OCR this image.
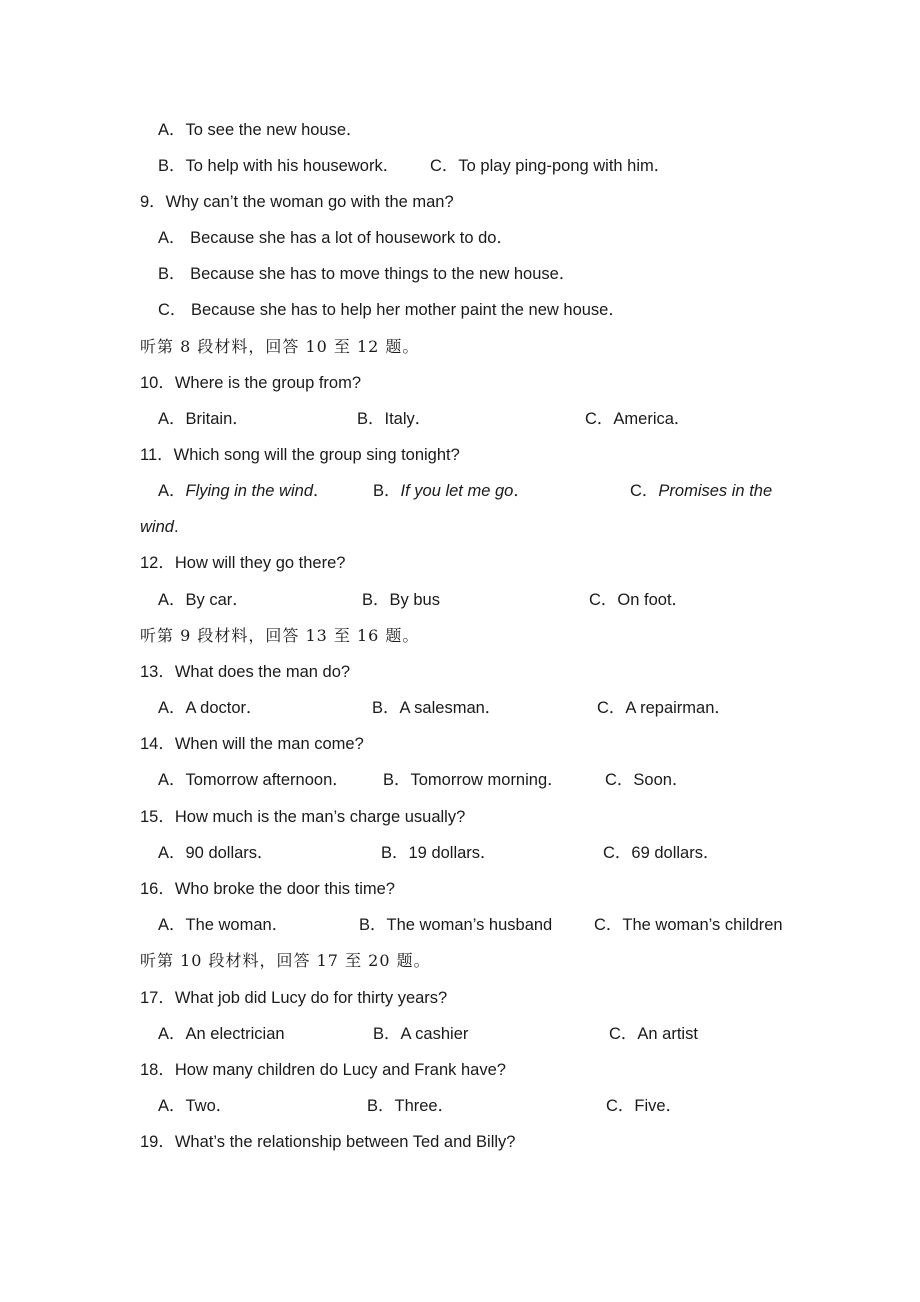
A．To see the new house．
B．To help with his housework． C．To play ping-pong with him．
9．Why can’t the woman go with the man?
A． Because she has a lot of housework to do．
B． Because she has to move things to the new house．
C． Because she has to help her mother paint the new house．
听第 8 段材料，回答 10 至 12 题。
10．Where is the group from?
A．Britain．	B．Italy．	C．America．
11．Which song will the group sing tonight?
A．Flying in the wind．	B．If you let me go．	C．Promises in the
wind.
12．How will they go there?
A．By car．	B．By bus	C．On foot．
听第 9 段材料，回答 13 至 16 题。
13．What does the man do?
A．A doctor．	B．A salesman．	C．A repairman．
14．When will the man come?
A．Tomorrow afternoon． B．Tomorrow morning．	C．Soon．
15．How much is the man’s charge usually?
A．90 dollars．	B．19 dollars．	C．69 dollars．
16．Who broke the door this time?
A．The woman．	B．The woman’s husband	C．The woman’s children
听第 10 段材料，回答 17 至 20 题。
17．What job did Lucy do for thirty years?
A．An electrician	B．A cashier	C．An artist
18．How many children do Lucy and Frank have?
A．Two．	B．Three．	C．Five．
19．What’s the relationship between Ted and Billy?
